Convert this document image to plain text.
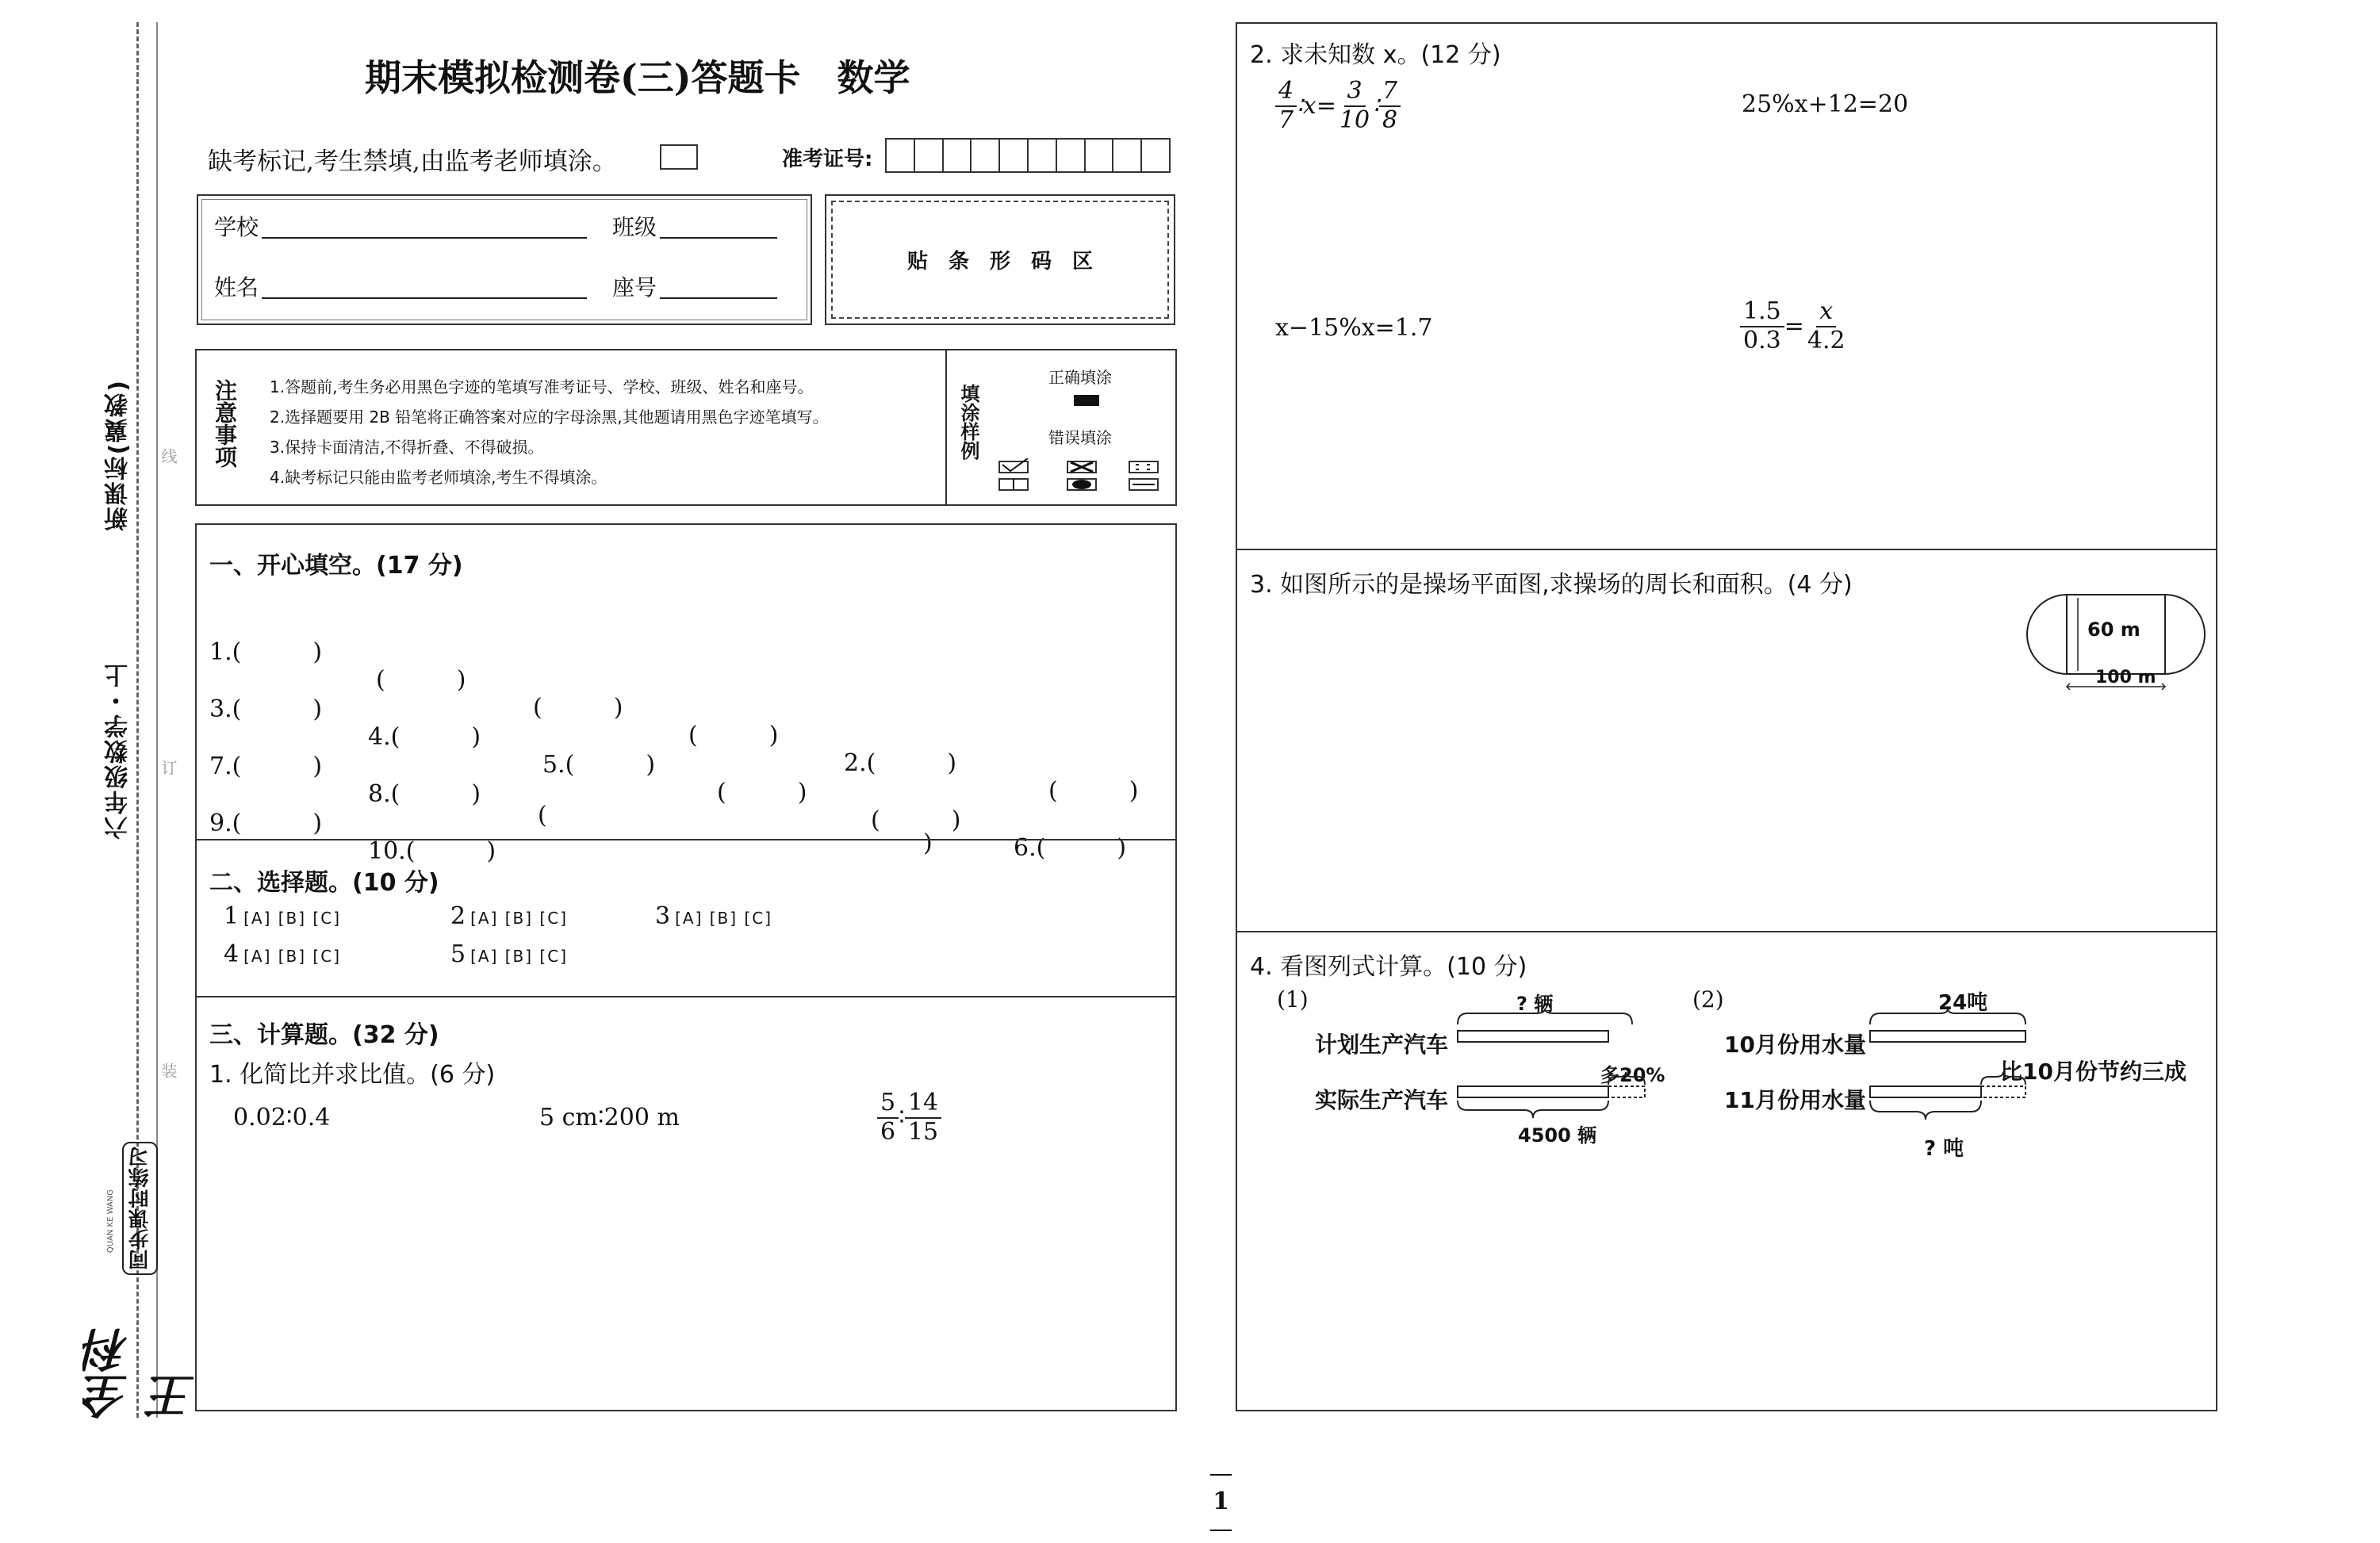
新课标(冀教)
六年级数学・上
线
订
装
全科王
同步课时练习
QUAN KE WANG
期末模拟检测卷(三)答题卡　数学
缺考标记,考生禁填,由监考老师填涂。	准考证号:
学校	班级
姓名	座号
贴　条　形　码　区
注意事项 1.答题前,考生务必用黑色字迹的笔填写准考证号、学校、班级、姓名和座号。
2.选择题要用 2B 铅笔将正确答案对应的字母涂黑,其他题请用黑色字迹笔填写。
3.保持卡面清洁,不得折叠、不得破损。
4.缺考标记只能由监考老师填涂,考生不得填涂。
填涂样例
正确填涂
错误填涂
一、开心填空。(17 分)

1.(　　　)

(　　　)

(　　　)

(　　　)

2.(　　　)

(　　　)

3.(　　　)

4.(　　　)

5.(　　　)

(　　　)

(　　　)

6.(　　　)

7.(　　　)

8.(　　　)

(

)

9.(　　　)

10.(　　　)

二、选择题。(10 分)
1 [A] [B] [C]	2 [A] [B] [C]	3 [A] [B] [C]
4 [A] [B] [C]	5 [A] [B] [C]
三、计算题。(32 分)
1. 化简比并求比值。(6 分)
0.02∶0.4	5 cm∶200 m	$\frac{5}{6}$ ∶ $\frac{14}{15}$
2. 求未知数 x。(12 分)
$\frac{4}{7}$ ∶x= $\frac{3}{10}$ ∶ $\frac{7}{8}$	25%x+12=20
x−15%x=1.7	$\frac{1.5}{0.3} = \frac{x}{4.2}$
3. 如图所示的是操场平面图,求操场的周长和面积。(4 分)
60 m
100 m
4. 看图列式计算。(10 分)
(1)	? 辆
计划生产汽车
多20%
实际生产汽车
4500 辆
(2)	24吨
10月份用水量
比10月份节约三成
11月份用水量
? 吨

—
1
—
